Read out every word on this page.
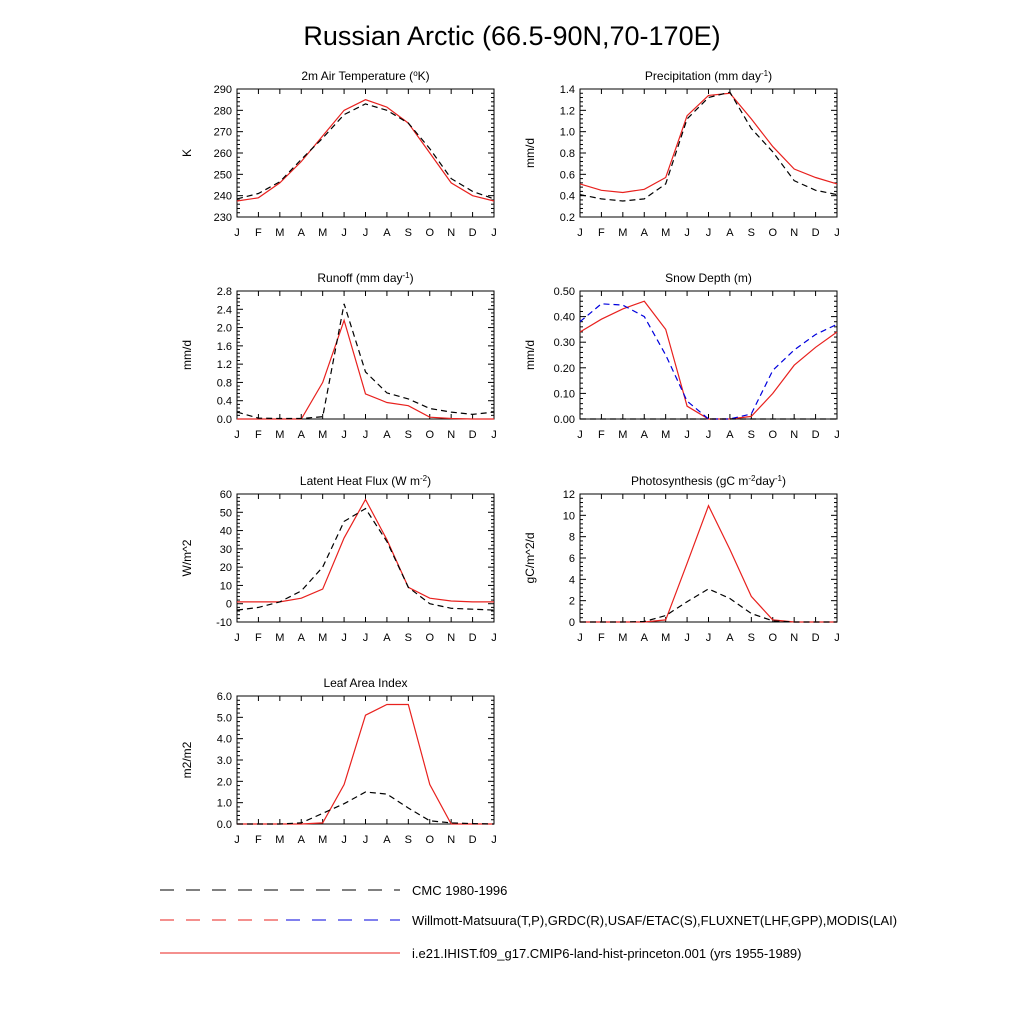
Russian Arctic (66.5-90N,70-170E)
2m Air Temperature (oK)
J F M A M J J A S O N D J
230
240
250
260
270
280
290
K
Precipitation (mm day-1)
J F M A M J J A S O N D J
0.2
0.4
0.6
0.8
1.0
1.2
1.4
mm/d
Runoff (mm day-1)
J F M A M J J A S O N D J
0.0
0.4
0.8
1.2
1.6
2.0
2.4
2.8
mm/d
Snow Depth (m)
J F M A M J J A S O N D J
0.00
0.10
0.20
0.30
0.40
0.50
mm/d
Latent Heat Flux (W m-2)
J F M A M J J A S O N D J
-10
0
10
20
30
40
50
60
W/m^2
Photosynthesis (gC m-2day-1)
J F M A M J J A S O N D J
0
2
4
6
8
10
12
gC/m^2/d
Leaf Area Index
J F M A M J J A S O N D J
0.0
1.0
2.0
3.0
4.0
5.0
6.0
m2/m2
CMC 1980-1996
Willmott-Matsuura(T,P),GRDC(R),USAF/ETAC(S),FLUXNET(LHF,GPP),MODIS(LAI)
i.e21.IHIST.f09_g17.CMIP6-land-hist-princeton.001 (yrs 1955-1989)
